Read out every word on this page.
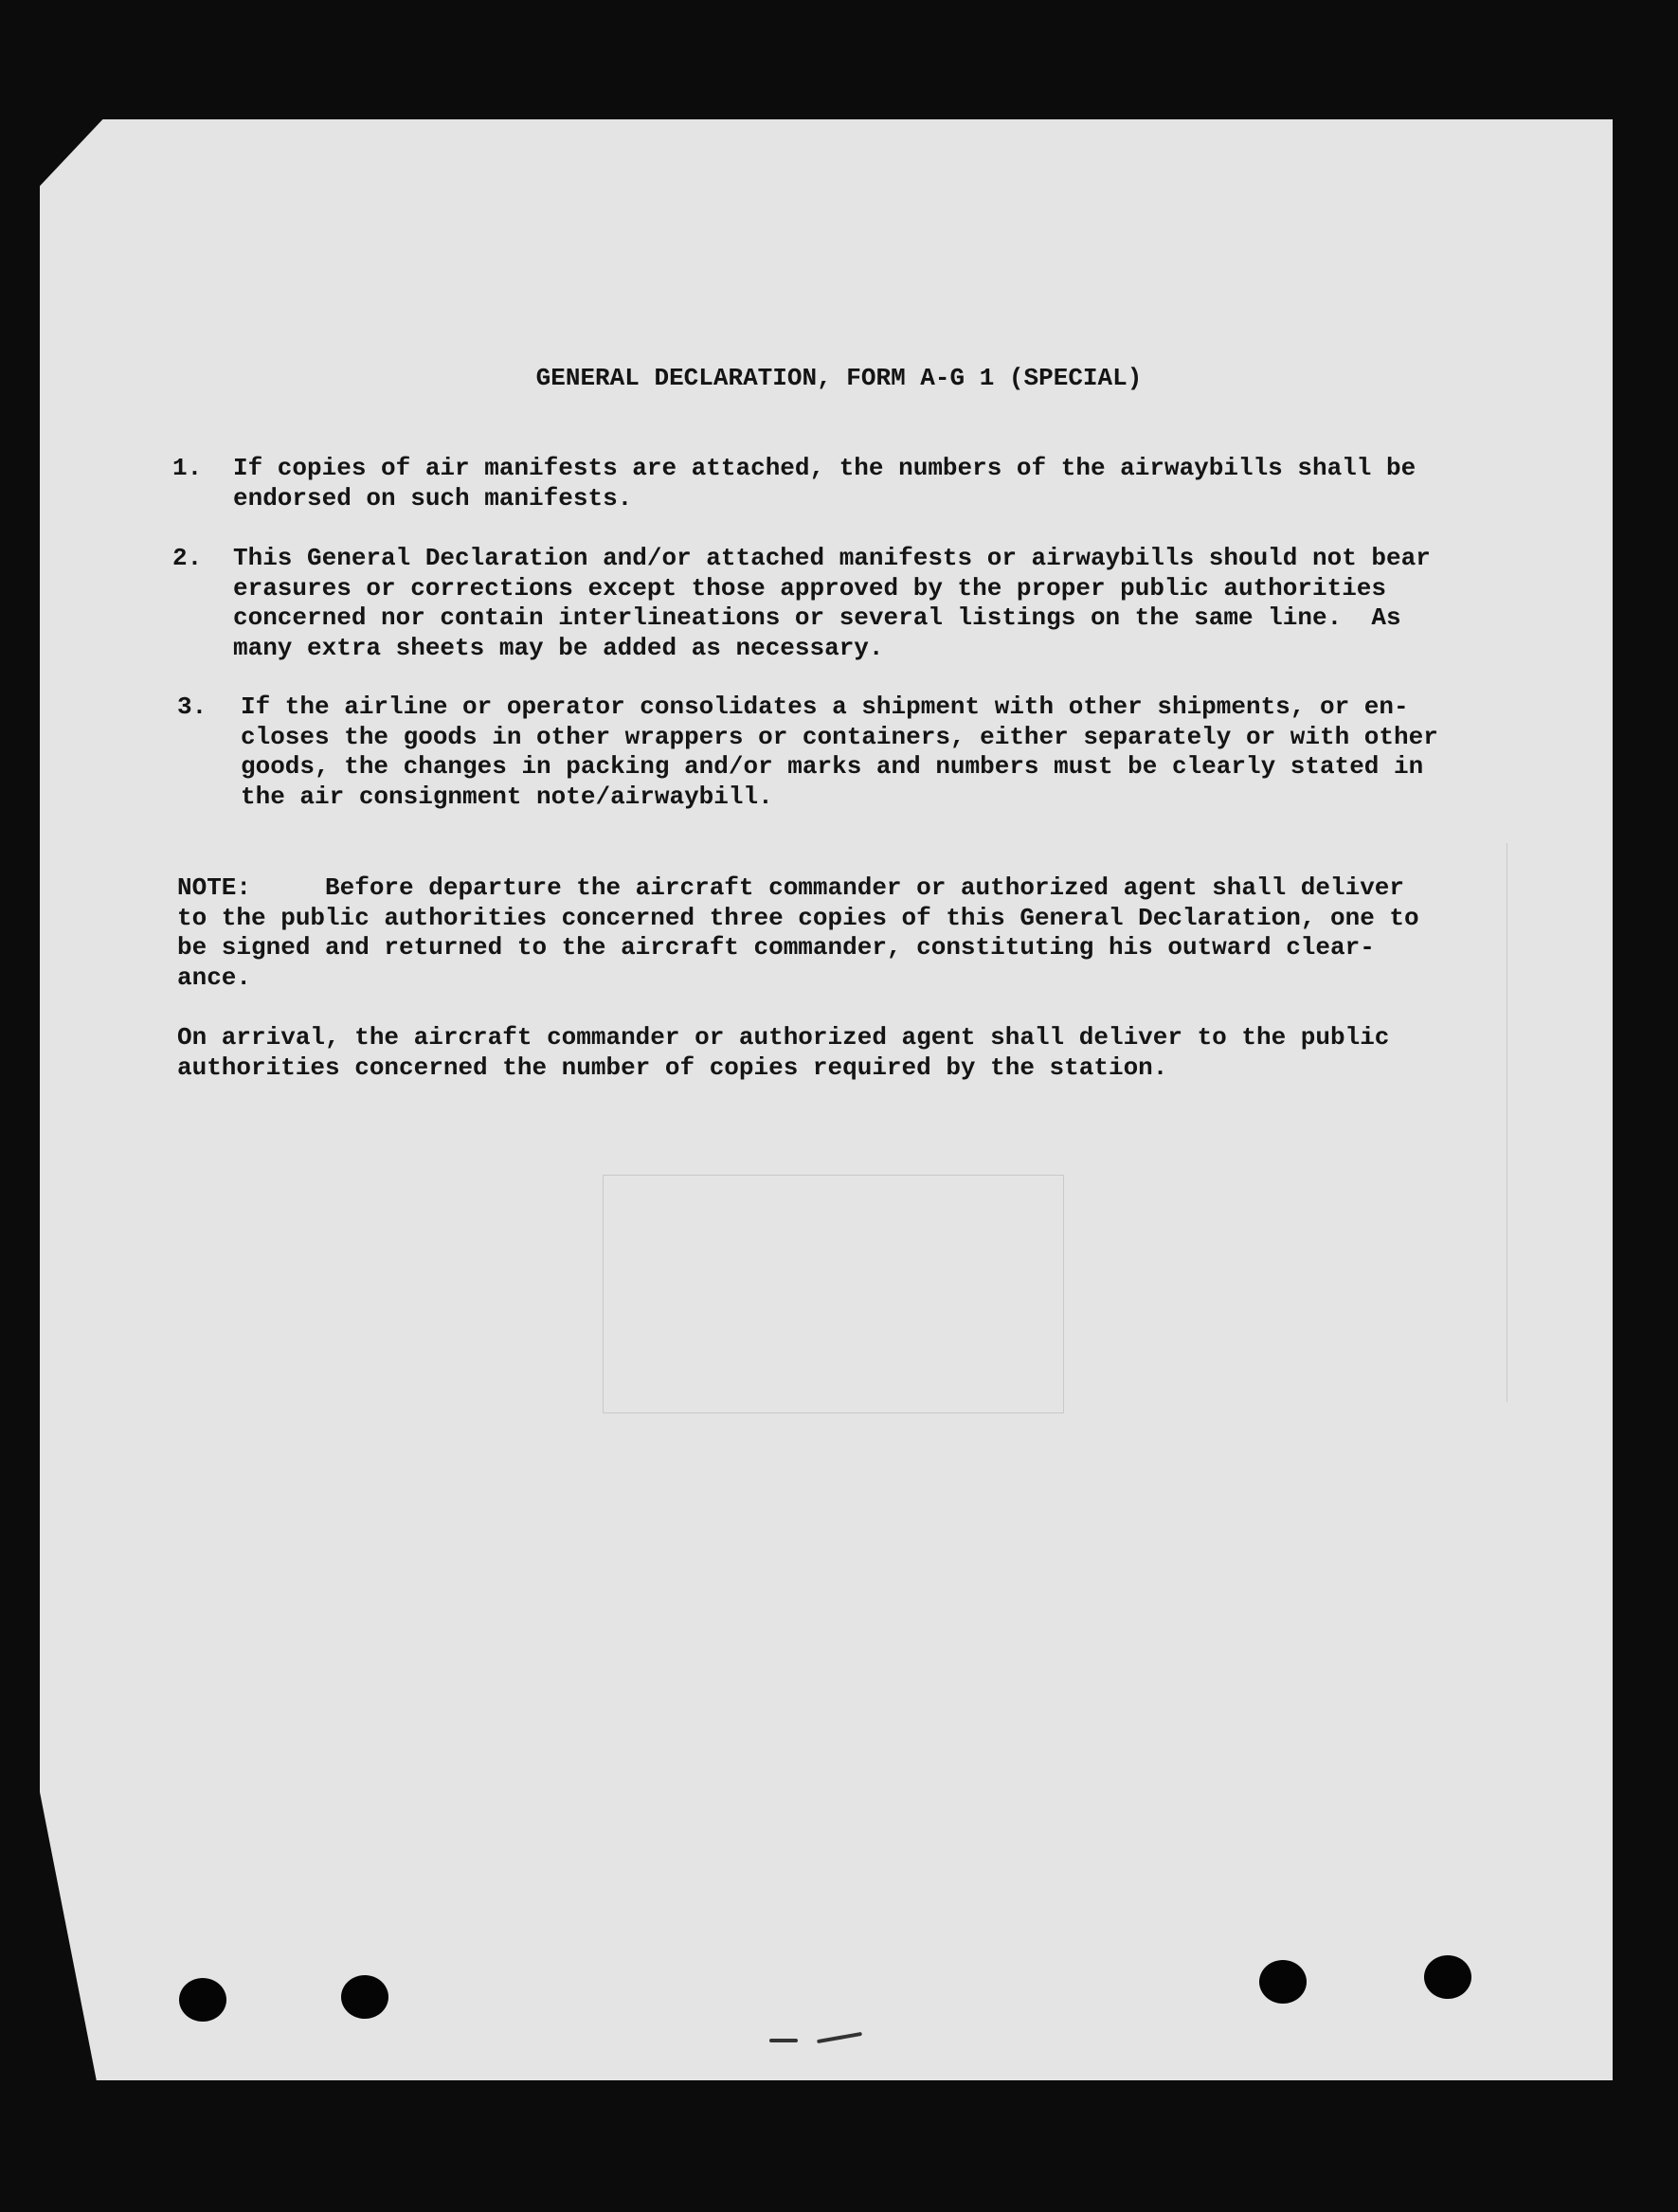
GENERAL DECLARATION, FORM A-G 1 (SPECIAL)
1. If copies of air manifests are attached, the numbers of the airwaybills shall be
endorsed on such manifests.

2. This General Declaration and/or attached manifests or airwaybills should not bear
erasures or corrections except those approved by the proper public authorities
concerned nor contain interlineations or several listings on the same line.  As
many extra sheets may be added as necessary.

3. If the airline or operator consolidates a shipment with other shipments, or en-
closes the goods in other wrappers or containers, either separately or with other
goods, the changes in packing and/or marks and numbers must be clearly stated in
the air consignment note/airwaybill.

NOTE:     Before departure the aircraft commander or authorized agent shall deliver
to the public authorities concerned three copies of this General Declaration, one to
be signed and returned to the aircraft commander, constituting his outward clear-
ance.

On arrival, the aircraft commander or authorized agent shall deliver to the public
authorities concerned the number of copies required by the station.
